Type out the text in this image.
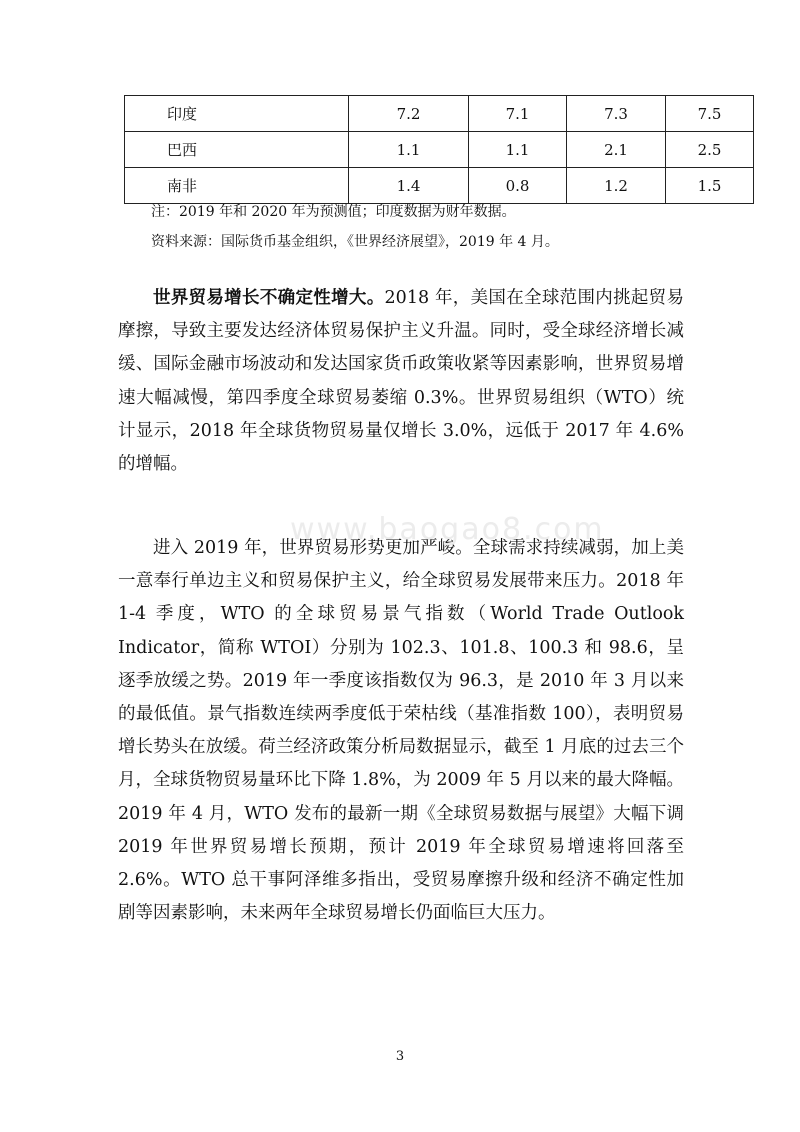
印度	7.2	7.1	7.3	7.5
巴西	1.1	1.1	2.1	2.5
南非	1.4	0.8	1.2	1.5
注：2019 年和 2020 年为预测值；印度数据为财年数据。
资料来源：国际货币基金组织，《世界经济展望》，2019 年 4 月。

世界贸易增长不确定性增大。2018 年，美国在全球范围内挑起贸易摩擦，导致主要发达经济体贸易保护主义升温。同时，受全球经济增长减缓、国际金融市场波动和发达国家货币政策收紧等因素影响，世界贸易增速大幅减慢，第四季度全球贸易萎缩 0.3%。世界贸易组织（WTO）统计显示，2018 年全球货物贸易量仅增长 3.0%，远低于 2017 年 4.6%的增幅。

进入 2019 年，世界贸易形势更加严峻。全球需求持续减弱，加上美一意奉行单边主义和贸易保护主义，给全球贸易发展带来压力。2018 年 1-4 季度，WTO 的全球贸易景气指数（World Trade Outlook Indicator，简称 WTOI）分别为 102.3、101.8、100.3 和 98.6，呈逐季放缓之势。2019 年一季度该指数仅为 96.3，是 2010 年 3 月以来的最低值。景气指数连续两季度低于荣枯线（基准指数 100），表明贸易增长势头在放缓。荷兰经济政策分析局数据显示，截至 1 月底的过去三个月，全球货物贸易量环比下降 1.8%，为 2009 年 5 月以来的最大降幅。2019 年 4 月，WTO 发布的最新一期《全球贸易数据与展望》大幅下调 2019 年世界贸易增长预期，预计 2019 年全球贸易增速将回落至 2.6%。WTO 总干事阿泽维多指出，受贸易摩擦升级和经济不确定性加剧等因素影响，未来两年全球贸易增长仍面临巨大压力。

www.baogao8.com
3
